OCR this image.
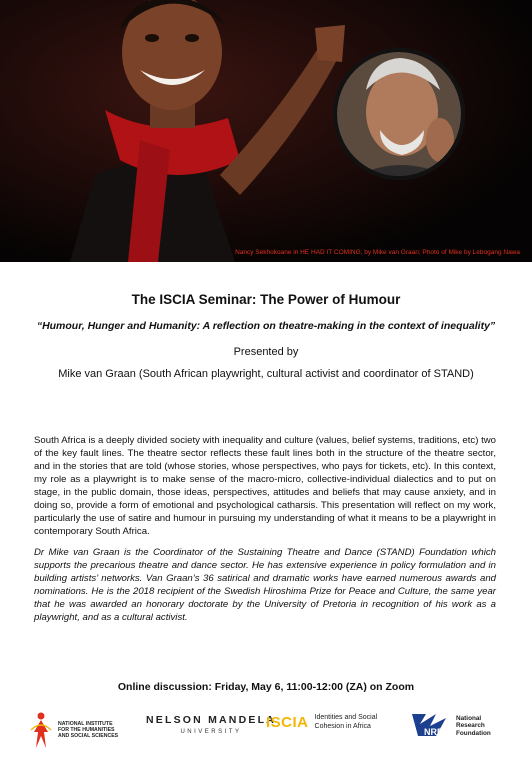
Nancy Sekhokoane in HE HAD IT COMING, by Mike van Graan; Photo of Mike by Lebogang Nawa
The ISCIA Seminar: The Power of Humour
“Humour, Hunger and Humanity: A reflection on theatre-making in the context of inequality”
Presented by
Mike van Graan (South African playwright, cultural activist and coordinator of STAND)

South Africa is a deeply divided society with inequality and culture (values, belief systems, traditions, etc) two of the key fault lines. The theatre sector reflects these fault lines both in the structure of the theatre sector, and in the stories that are told (whose stories, whose perspectives, who pays for tickets, etc). In this context, my role as a playwright is to make sense of the macro-micro, collective-individual dialectics and to put on stage, in the public domain, those ideas, perspectives, attitudes and beliefs that may cause anxiety, and in doing so, provide a form of emotional and psychological catharsis. This presentation will reflect on my work, particularly the use of satire and humour in pursuing my understanding of what it means to be a playwright in contemporary South Africa.

Dr Mike van Graan is the Coordinator of the Sustaining Theatre and Dance (STAND) Foundation which supports the precarious theatre and dance sector. He has extensive experience in policy formulation and in building artists’ networks. Van Graan’s 36 satirical and dramatic works have earned numerous awards and nominations. He is the 2018 recipient of the Swedish Hiroshima Prize for Peace and Culture, the same year that he was awarded an honorary doctorate by the University of Pretoria in recognition of his work as a playwright, and as a cultural activist.

Online discussion: Friday, May 6, 11:00-12:00 (ZA) on Zoom
NATIONAL INSTITUTE
FOR THE HUMANITIES
AND SOCIAL SCIENCES
NELSON MANDELA
UNIVERSITY
ISCIA Identities and Social
Cohesion in Africa
NRF
National
Research
Foundation
